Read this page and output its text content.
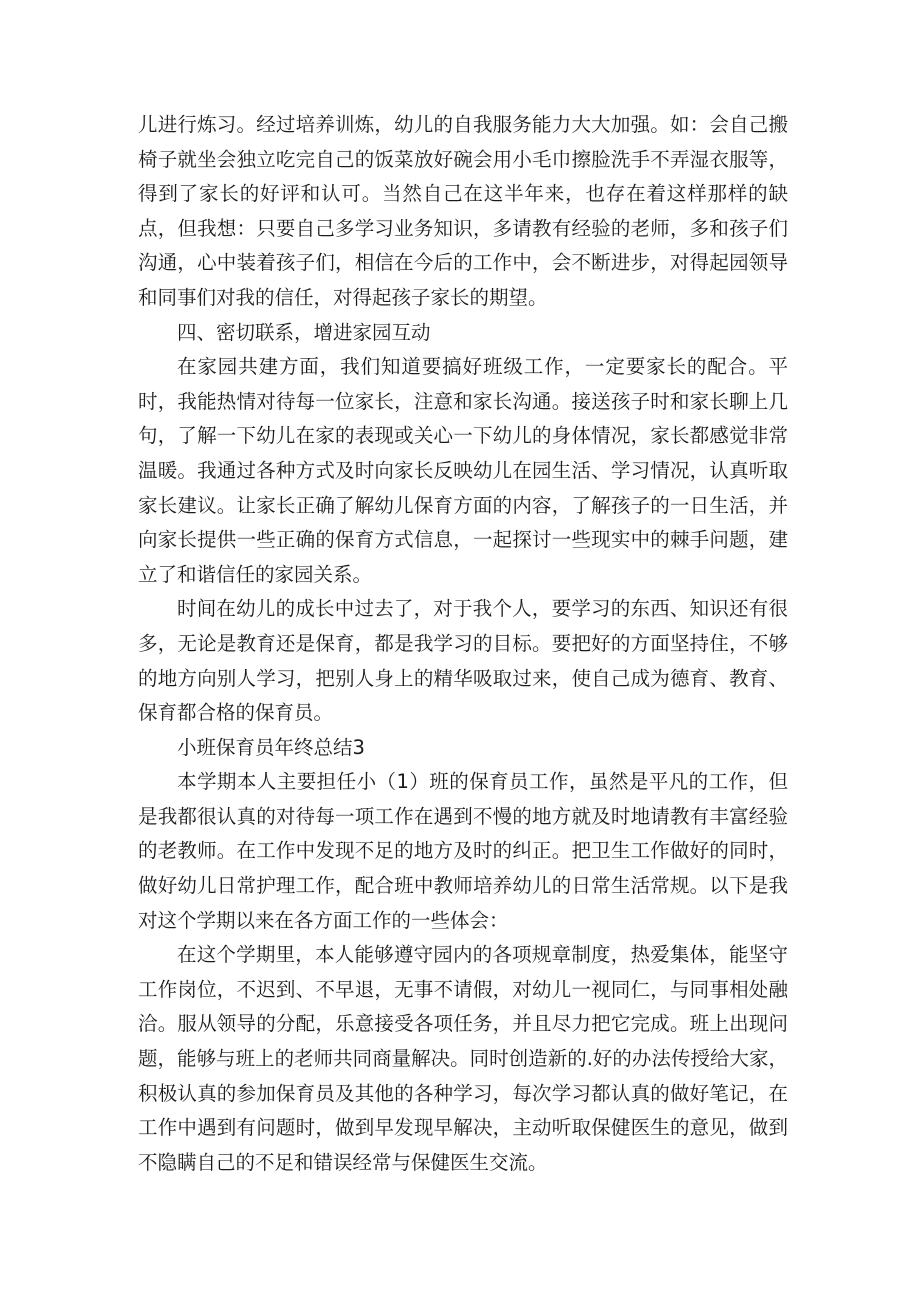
儿进行炼习。经过培养训炼，幼儿的自我服务能力大大加强。如：会自己搬椅子就坐会独立吃完自己的饭菜放好碗会用小毛巾擦脸洗手不弄湿衣服等，得到了家长的好评和认可。当然自己在这半年来，也存在着这样那样的缺点，但我想：只要自己多学习业务知识，多请教有经验的老师，多和孩子们沟通，心中装着孩子们，相信在今后的工作中，会不断进步，对得起园领导和同事们对我的信任，对得起孩子家长的期望。

四、密切联系，增进家园互动

在家园共建方面，我们知道要搞好班级工作，一定要家长的配合。平时，我能热情对待每一位家长，注意和家长沟通。接送孩子时和家长聊上几句，了解一下幼儿在家的表现或关心一下幼儿的身体情况，家长都感觉非常温暖。我通过各种方式及时向家长反映幼儿在园生活、学习情况，认真听取家长建议。让家长正确了解幼儿保育方面的内容，了解孩子的一日生活，并向家长提供一些正确的保育方式信息，一起探讨一些现实中的棘手问题，建立了和谐信任的家园关系。

时间在幼儿的成长中过去了，对于我个人，要学习的东西、知识还有很多，无论是教育还是保育，都是我学习的目标。要把好的方面坚持住，不够的地方向别人学习，把别人身上的精华吸取过来，使自己成为德育、教育、保育都合格的保育员。

小班保育员年终总结3

本学期本人主要担任小（1）班的保育员工作，虽然是平凡的工作，但是我都很认真的对待每一项工作在遇到不慢的地方就及时地请教有丰富经验的老教师。在工作中发现不足的地方及时的纠正。把卫生工作做好的同时，做好幼儿日常护理工作，配合班中教师培养幼儿的日常生活常规。以下是我对这个学期以来在各方面工作的一些体会：

在这个学期里，本人能够遵守园内的各项规章制度，热爱集体，能坚守工作岗位，不迟到、不早退，无事不请假，对幼儿一视同仁，与同事相处融洽。服从领导的分配，乐意接受各项任务，并且尽力把它完成。班上出现问题，能够与班上的老师共同商量解决。同时创造新的.好的办法传授给大家，积极认真的参加保育员及其他的各种学习，每次学习都认真的做好笔记，在工作中遇到有问题时，做到早发现早解决，主动听取保健医生的意见，做到不隐瞒自己的不足和错误经常与保健医生交流。
